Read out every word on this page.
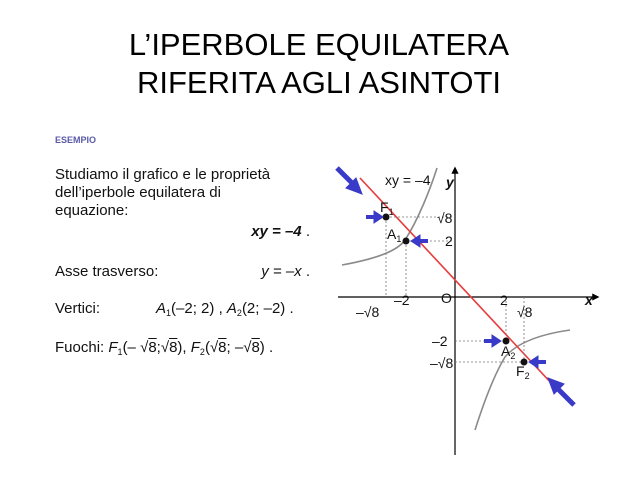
L’IPERBOLE EQUILATERA
RIFERITA AGLI ASINTOTI
ESEMPIO
Studiamo il grafico e le proprietà
dell’iperbole equilatera di
equazione:
xy = –4 .
Asse trasverso:	y = –x .
Vertici:	$A_1(-2$; 2) , $A_2(2$; –2) .
Fuochi: $F_1(-$ √8;√8), $F_2(√8$; –√8) .
xy = –4 y
x
O
–√8
–2	2
√8
√8
2
–2
–√8
$F_1$
$A_1$
$A_2$
$F_2$
